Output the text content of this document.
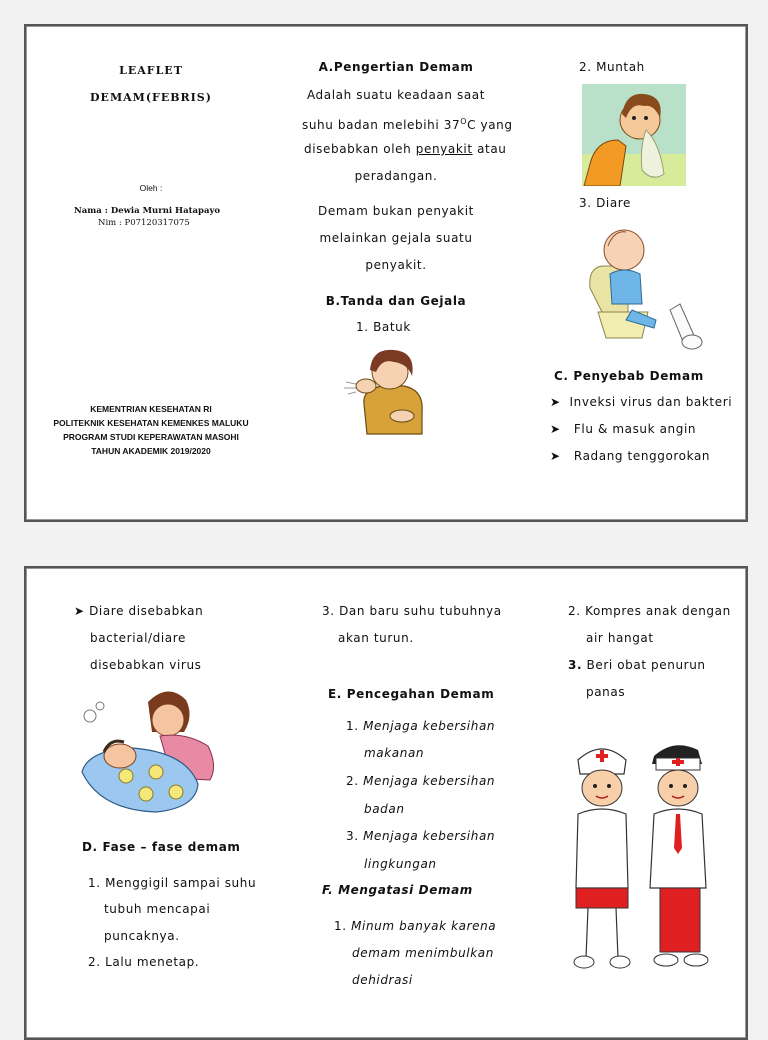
LEAFLET
DEMAM(FEBRIS)
Oleh :
Nama : Dewia Murni Hatapayo
Nim : P07120317075
KEMENTRIAN KESEHATAN RI
POLITEKNIK KESEHATAN KEMENKES MALUKU
PROGRAM STUDI KEPERAWATAN MASOHI
TAHUN AKADEMIK 2019/2020
A.Pengertian Demam
Adalah suatu keadaan saat
suhu badan melebihi $37^OC$ yang
disebabkan oleh penyakit atau
peradangan.
Demam bukan penyakit
melainkan gejala suatu
penyakit.
B.Tanda dan Gejala
1. Batuk
2. Muntah
3. Diare
C. Penyebab Demam
➤ Inveksi virus dan bakteri
➤ Flu & masuk angin
➤ Radang tenggorokan
➤ Diare disebabkan
bacterial/diare
disebabkan virus
D. Fase – fase demam
1. Menggigil sampai suhu
tubuh mencapai
puncaknya.
2. Lalu menetap.
3. Dan baru suhu tubuhnya
akan turun.
E. Pencegahan Demam
1. Menjaga kebersihan
makanan
2. Menjaga kebersihan
badan
3. Menjaga kebersihan
lingkungan
F. Mengatasi Demam
1. Minum banyak karena
demam menimbulkan
dehidrasi
2. Kompres anak dengan
air hangat
3. Beri obat penurun
panas
